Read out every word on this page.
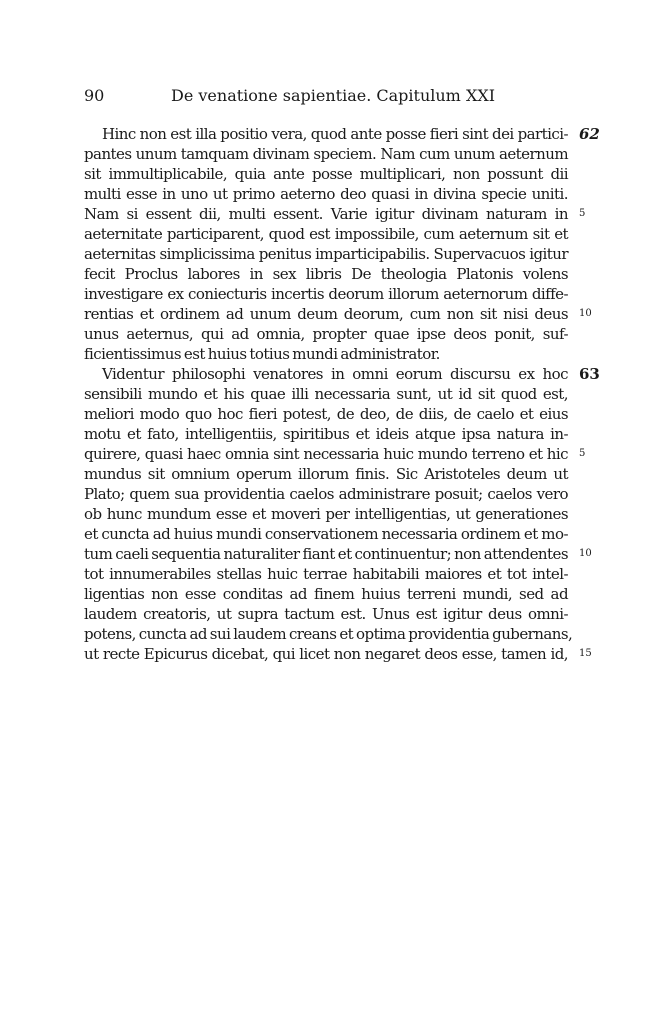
90	De venatione sapientiae. Capitulum XXI
Hinc non est illa positio vera, quod ante posse fieri sint dei partici- 62
pantes unum tamquam divinam speciem. Nam cum unum aeternum
sit immultiplicabile, quia ante posse multiplicari, non possunt dii
multi esse in uno ut primo aeterno deo quasi in divina specie uniti.
Nam si essent dii, multi essent. Varie igitur divinam naturam in 5
aeternitate participarent, quod est impossibile, cum aeternum sit et
aeternitas simplicissima penitus imparticipabilis. Supervacuos igitur
fecit Proclus labores in sex libris De theologia Platonis volens
investigare ex coniecturis incertis deorum illorum aeternorum diffe-
rentias et ordinem ad unum deum deorum, cum non sit nisi deus 10
unus aeternus, qui ad omnia, propter quae ipse deos ponit, suf-
ficientissimus est huius totius mundi administrator.
Videntur philosophi venatores in omni eorum discursu ex hoc 63
sensibili mundo et his quae illi necessaria sunt, ut id sit quod est,
meliori modo quo hoc fieri potest, de deo, de diis, de caelo et eius
motu et fato, intelligentiis, spiritibus et ideis atque ipsa natura in-
quirere, quasi haec omnia sint necessaria huic mundo terreno et hic 5
mundus sit omnium operum illorum finis. Sic Aristoteles deum ut
Plato; quem sua providentia caelos administrare posuit; caelos vero
ob hunc mundum esse et moveri per intelligentias, ut generationes
et cuncta ad huius mundi conservationem necessaria ordinem et mo-
tum caeli sequentia naturaliter fiant et continuentur; non attendentes 10
tot innumerabiles stellas huic terrae habitabili maiores et tot intel-
ligentias non esse conditas ad finem huius terreni mundi, sed ad
laudem creatoris, ut supra tactum est. Unus est igitur deus omni-
potens, cuncta ad sui laudem creans et optima providentia gubernans,
ut recte Epicurus dicebat, qui licet non negaret deos esse, tamen id, 15
